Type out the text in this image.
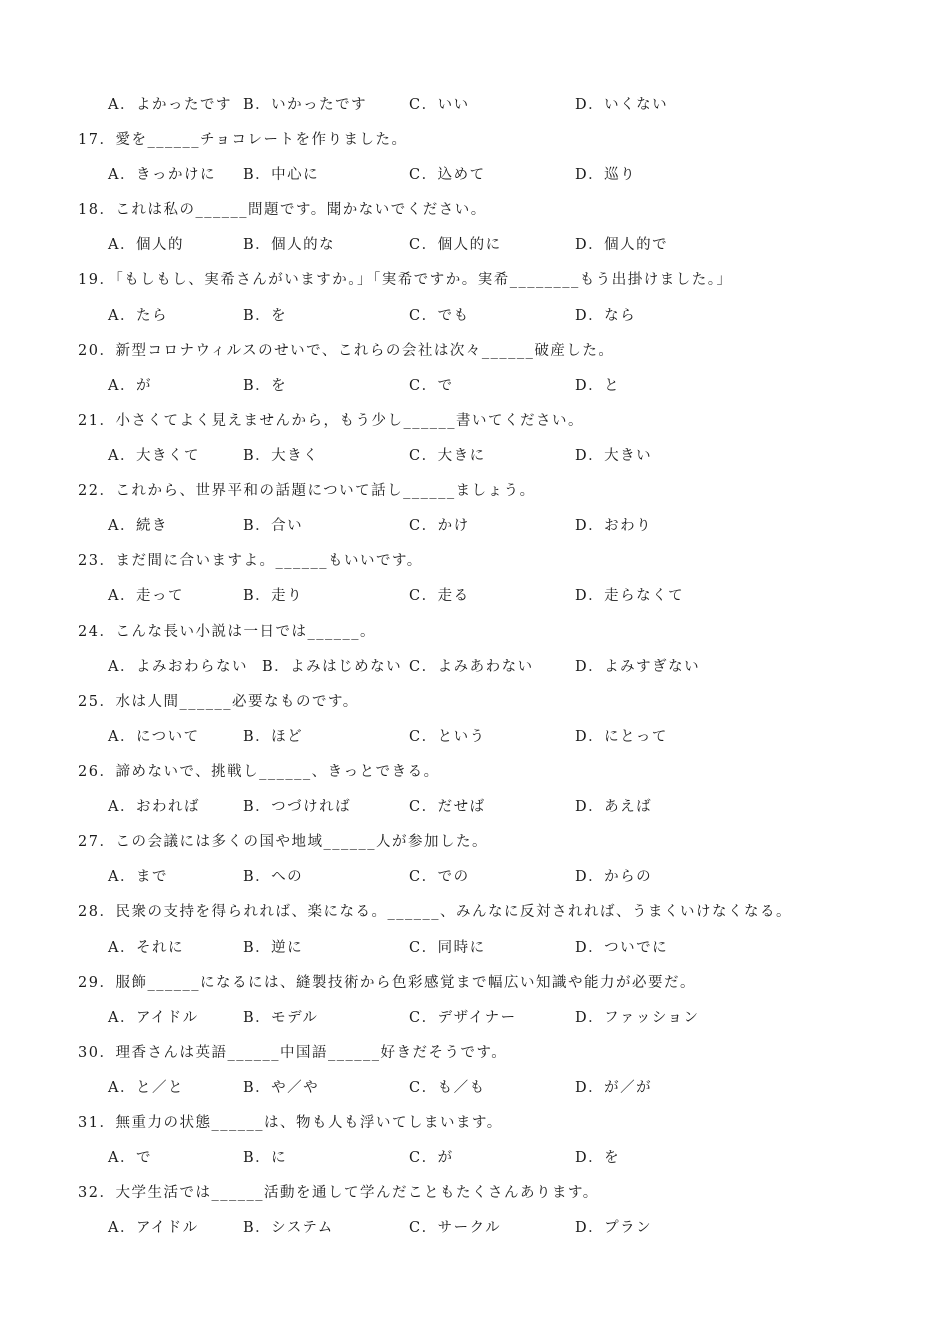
A．よかったです B．いかったです	C．いい	D．いくない
17．愛を______チョコレートを作りました。
A．きっかけに B．中心に	C．込めて	D．巡り
18．これは私の______問題です。聞かないでください。
A．個人的	B．個人的な	C．個人的に	D．個人的で
19．「もしもし、実希さんがいますか。」「実希ですか。実希________もう出掛けました。」
A．たら	B．を	C．でも	D．なら
20．新型コロナウィルスのせいで、これらの会社は次々______破産した。
A．が	B．を	C．で	D．と
21．小さくてよく見えませんから，もう少し______書いてください。
A．大きくて	B．大きく	C．大きに	D．大きい
22．これから、世界平和の話題について話し______ましょう。
A．続き	B．合い	C．かけ	D．おわり
23．まだ間に合いますよ。______もいいです。
A．走って	B．走り	C．走る	D．走らなくて
24．こんな長い小説は一日では______。
A．よみおわらない B．よみはじめない C．よみあわない	D．よみすぎない
25．水は人間______必要なものです。
A．について	B．ほど	C．という	D．にとって
26．諦めないで、挑戦し______、きっとできる。
A．おわれば	B．つづければ	C．だせば	D．あえば
27．この会議には多くの国や地域______人が参加した。
A．まで	B．への	C．での	D．からの
28．民衆の支持を得られれば、楽になる。______、みんなに反対されれば、うまくいけなくなる。
A．それに	B．逆に	C．同時に	D．ついでに
29．服飾______になるには、縫製技術から色彩感覚まで幅広い知識や能力が必要だ。
A．アイドル	B．モデル	C．デザイナー	D．ファッション
30．理香さんは英語______中国語______好きだそうです。
A．と／と	B．や／や	C．も／も	D．が／が
31．無重力の状態______は、物も人も浮いてしまいます。
A．で	B．に	C．が	D．を
32．大学生活では______活動を通して学んだこともたくさんあります。
A．アイドル	B．システム	C．サークル	D．プラン
